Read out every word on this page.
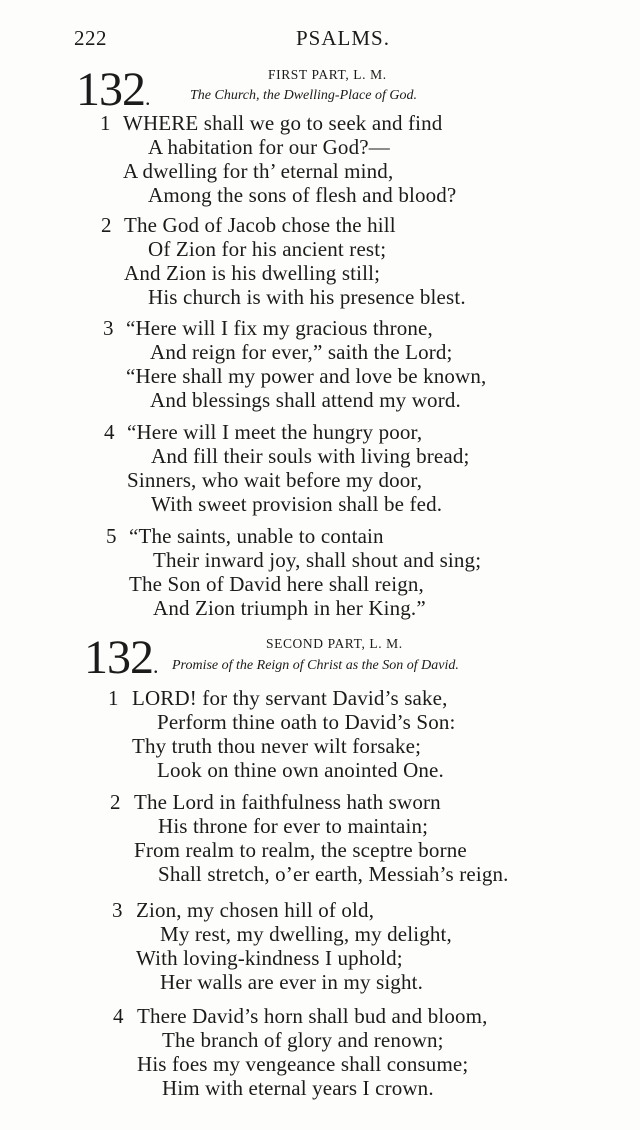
222	PSALMS.
132.
FIRST PART, L. M.
The Church, the Dwelling-Place of God.
1 WHERE shall we go to seek and find
A habitation for our God?—
A dwelling for th’ eternal mind,
Among the sons of flesh and blood?
2 The God of Jacob chose the hill
Of Zion for his ancient rest;
And Zion is his dwelling still;
His church is with his presence blest.
3 “Here will I fix my gracious throne,
And reign for ever,” saith the Lord;
“Here shall my power and love be known,
And blessings shall attend my word.
4 “Here will I meet the hungry poor,
And fill their souls with living bread;
Sinners, who wait before my door,
With sweet provision shall be fed.
5 “The saints, unable to contain
Their inward joy, shall shout and sing;
The Son of David here shall reign,
And Zion triumph in her King.”
132.
SECOND PART, L. M.
Promise of the Reign of Christ as the Son of David.
1 LORD! for thy servant David’s sake,
Perform thine oath to David’s Son:
Thy truth thou never wilt forsake;
Look on thine own anointed One.
2 The Lord in faithfulness hath sworn
His throne for ever to maintain;
From realm to realm, the sceptre borne
Shall stretch, o’er earth, Messiah’s reign.
3 Zion, my chosen hill of old,
My rest, my dwelling, my delight,
With loving-kindness I uphold;
Her walls are ever in my sight.
4 There David’s horn shall bud and bloom,
The branch of glory and renown;
His foes my vengeance shall consume;
Him with eternal years I crown.
